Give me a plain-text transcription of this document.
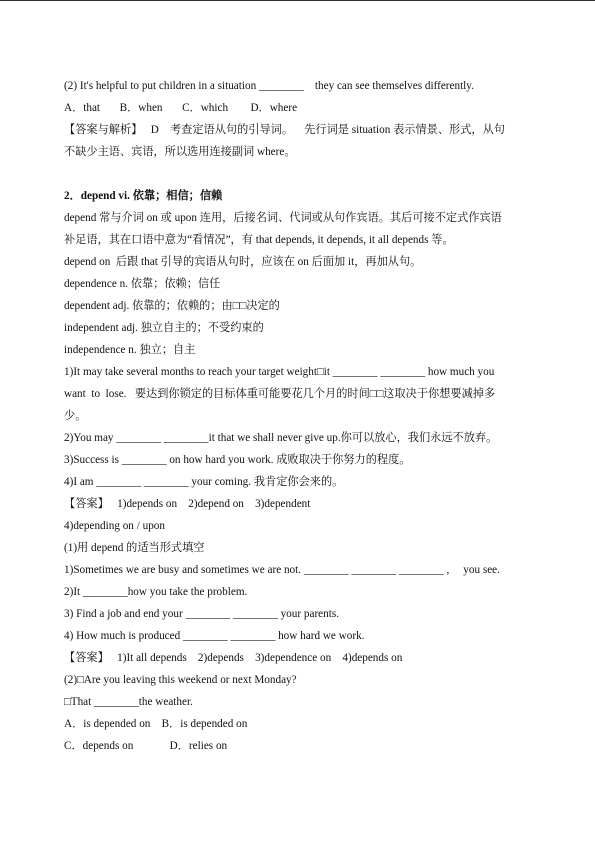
(2) It's helpful to put children in a situation ________    they can see themselves differently.
A．that       B．when       C．which        D．where
【答案与解析】   D    考查定语从句的引导词。    先行词是 situation 表示情景、形式，从句
不缺少主语、宾语，所以选用连接副词 where。
2．depend vi. 依靠；相信；信赖
depend 常与介词 on 或 upon 连用，后接名词、代词或从句作宾语。其后可接不定式作宾语
补足语，其在口语中意为“看情况”，有 that depends, it depends, it all depends 等。
depend on  后跟 that 引导的宾语从句时，应该在 on 后面加 it，再加从句。
dependence n. 依靠；依赖；信任
dependent adj. 依靠的；依赖的；由□□决定的
independent adj. 独立自主的；不受约束的
independence n. 独立；自主
1)It may take several months to reach your target weight□it ________ ________ how much you
want  to  lose.   要达到你锁定的目标体重可能要花几个月的时间□□这取决于你想要减掉多
少。
2)You may ________ ________it that we shall never give up.你可以放心，我们永远不放弃。
3)Success is ________ on how hard you work. 成败取决于你努力的程度。
4)I am ________ ________ your coming. 我肯定你会来的。
【答案】   1)depends on    2)depend on    3)dependent
4)depending on / upon
(1)用 depend 的适当形式填空
1)Sometimes we are busy and sometimes we are not. ________ ________ ________ ,     you see.
2)It ________how you take the problem.
3) Find a job and end your ________ ________ your parents.
4) How much is produced ________ ________ how hard we work.
【答案】   1)It all depends    2)depends    3)dependence on    4)depends on
(2)□Are you leaving this weekend or next Monday?
□That ________the weather.
A．is depended on    B．is depended on
C．depends on             D．relies on
